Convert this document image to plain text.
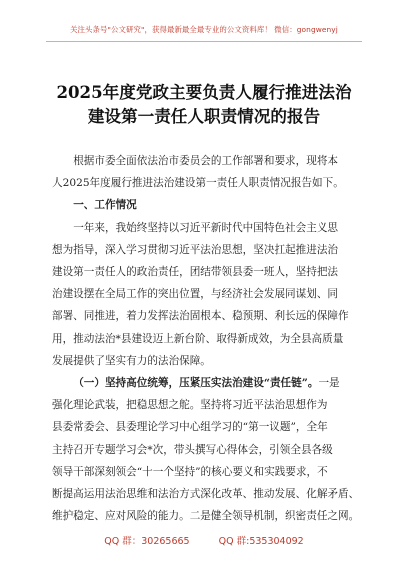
关注头条号"公文研究"，获得最新最全最专业的公文资料库！ 微信：gongwenyj
2025年度党政主要负责人履行推进法治
建设第一责任人职责情况的报告

根据市委全面依法治市委员会的工作部署和要求，现将本
人2025年度履行推进法治建设第一责任人职责情况报告如下。

一、工作情况

一年来，我始终坚持以习近平新时代中国特色社会主义思
想为指导，深入学习贯彻习近平法治思想，坚决扛起推进法治
建设第一责任人的政治责任，团结带领县委一班人，坚持把法
治建设摆在全局工作的突出位置，与经济社会发展同谋划、同
部署、同推进，着力发挥法治固根本、稳预期、利长远的保障作
用，推动法治*县建设迈上新台阶、取得新成效，为全县高质量
发展提供了坚实有力的法治保障。

（一）坚持高位统筹，压紧压实法治建设“责任链”。一是
强化理论武装，把稳思想之舵。坚持将习近平法治思想作为
县委常委会、县委理论学习中心组学习的“第一议题”，全年
主持召开专题学习会*次，带头撰写心得体会，引领全县各级
领导干部深刻领会“十一个坚持”的核心要义和实践要求，不
断提高运用法治思维和法治方式深化改革、推动发展、化解矛盾、
维护稳定、应对风险的能力。二是健全领导机制，织密责任之网。

QQ 群：30265665	QQ 群:535304092
